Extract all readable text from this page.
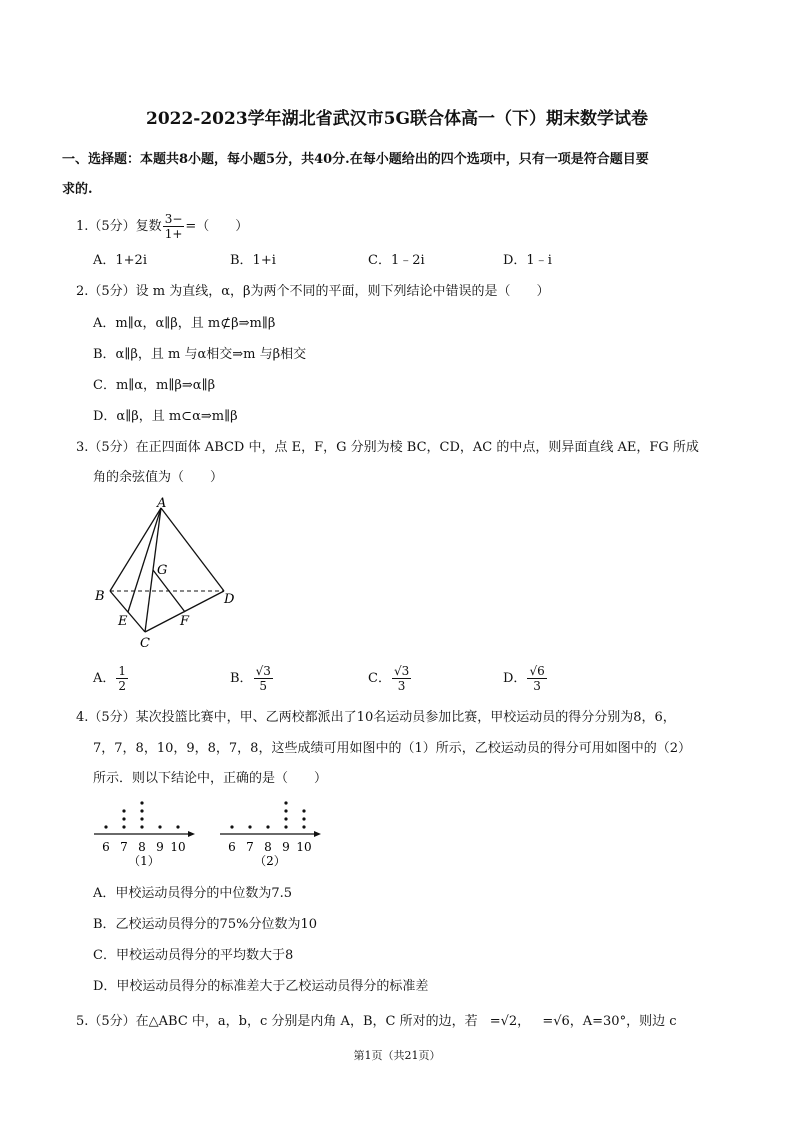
2022-2023学年湖北省武汉市5G联合体高一（下）期末数学试卷
一、选择题：本题共8小题，每小题5分，共40分.在每小题给出的四个选项中，只有一项是符合题目要
求的.
1.（5分）复数 $\frac{3-}{1+}$ =（　　）
A．1+2i	B．1+i	C．1﹣2i	D．1﹣i
2.（5分）设 m 为直线，α，β为两个不同的平面，则下列结论中错误的是（　　）
A．m∥α，α∥β，且 m⊄β⇒m∥β
B．α∥β，且 m 与α相交⇒m 与β相交
C．m∥α，m∥β⇒α∥β
D．α∥β，且 m⊂α⇒m∥β
3.（5分）在正四面体 ABCD 中，点 E，F，G 分别为棱 BC，CD，AC 的中点，则异面直线 AE，FG 所成
角的余弦值为（　　）
A
B
C
D
E	F
G
A． $\frac{1}{2}$	B． $\frac{√3}{5}$	C． $\frac{√3}{3}$	D． $\frac{√6}{3}$
4.（5分）某次投篮比赛中，甲、乙两校都派出了10名运动员参加比赛，甲校运动员的得分分别为8，6，
7，7，8，10，9，8，7，8，这些成绩可用如图中的（1）所示，乙校运动员的得分可用如图中的（2）
所示．则以下结论中，正确的是（　　）
6 7 8 9 10
（1）
6 7 8 9 10
（2）
A．甲校运动员得分的中位数为7.5
B．乙校运动员得分的75%分位数为10
C．甲校运动员得分的平均数大于8
D．甲校运动员得分的标准差大于乙校运动员得分的标准差
5.（5分）在△ABC 中，a，b，c 分别是内角 A，B，C 所对的边，若 =√2， =√6，A=30°，则边 c
第1页（共21页）
